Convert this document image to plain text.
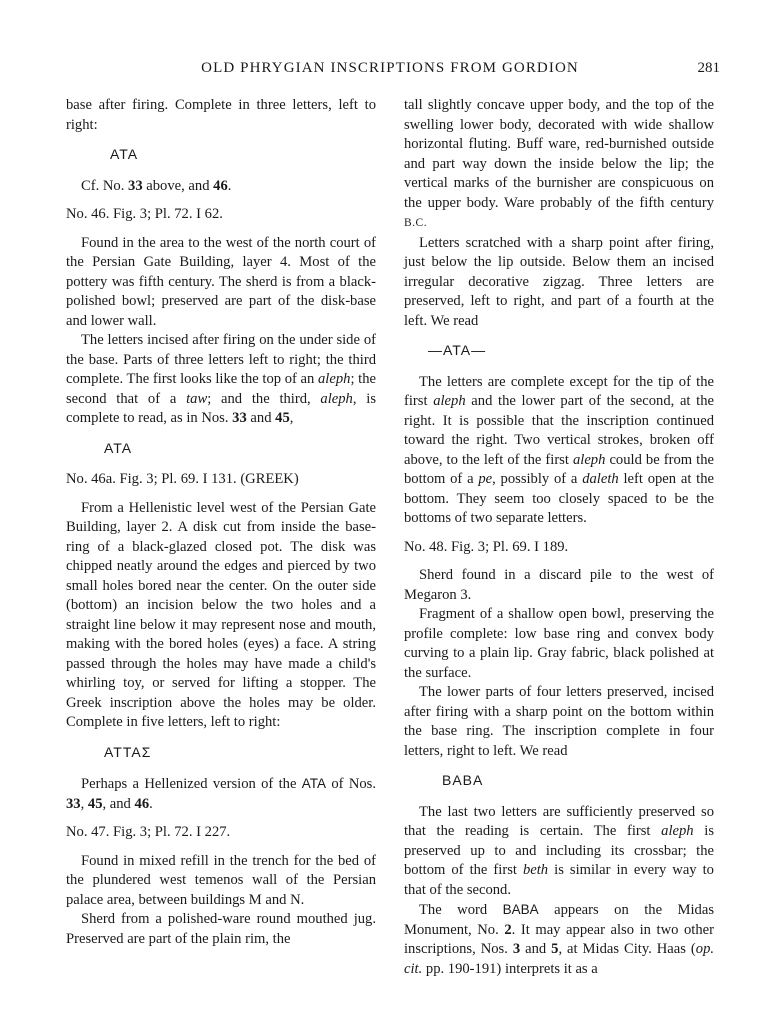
OLD PHRYGIAN INSCRIPTIONS FROM GORDION	281

base after firing. Complete in three letters, left to right:

ATA

Cf. No. 33 above, and 46.

No. 46. Fig. 3; Pl. 72. I 62.

Found in the area to the west of the north court of the Persian Gate Building, layer 4. Most of the pottery was fifth century. The sherd is from a black-polished bowl; preserved are part of the disk-base and lower wall.

The letters incised after firing on the under side of the base. Parts of three letters left to right; the third complete. The first looks like the top of an aleph; the second that of a taw; and the third, aleph, is complete to read, as in Nos. 33 and 45,

ATA

No. 46a. Fig. 3; Pl. 69. I 131. (GREEK)

From a Hellenistic level west of the Persian Gate Building, layer 2. A disk cut from inside the base-ring of a black-glazed closed pot. The disk was chipped neatly around the edges and pierced by two small holes bored near the center. On the outer side (bottom) an incision below the two holes and a straight line below it may represent nose and mouth, making with the bored holes (eyes) a face. A string passed through the holes may have made a child's whirling toy, or served for lifting a stopper. The Greek inscription above the holes may be older. Complete in five letters, left to right:

ATTAΣ

Perhaps a Hellenized version of the ATA of Nos. 33, 45, and 46.

No. 47. Fig. 3; Pl. 72. I 227.

Found in mixed refill in the trench for the bed of the plundered west temenos wall of the Persian palace area, between buildings M and N.

Sherd from a polished-ware round mouthed jug. Preserved are part of the plain rim, the

tall slightly concave upper body, and the top of the swelling lower body, decorated with wide shallow horizontal fluting. Buff ware, red-burnished outside and part way down the inside below the lip; the vertical marks of the burnisher are conspicuous on the upper body. Ware probably of the fifth century B.C.

Letters scratched with a sharp point after firing, just below the lip outside. Below them an incised irregular decorative zigzag. Three letters are preserved, left to right, and part of a fourth at the left. We read

—ATA—

The letters are complete except for the tip of the first aleph and the lower part of the second, at the right. It is possible that the inscription continued toward the right. Two vertical strokes, broken off above, to the left of the first aleph could be from the bottom of a pe, possibly of a daleth left open at the bottom. They seem too closely spaced to be the bottoms of two separate letters.

No. 48. Fig. 3; Pl. 69. I 189.

Sherd found in a discard pile to the west of Megaron 3.

Fragment of a shallow open bowl, preserving the profile complete: low base ring and convex body curving to a plain lip. Gray fabric, black polished at the surface.

The lower parts of four letters preserved, incised after firing with a sharp point on the bottom within the base ring. The inscription complete in four letters, right to left. We read

BABA

The last two letters are sufficiently preserved so that the reading is certain. The first aleph is preserved up to and including its crossbar; the bottom of the first beth is similar in every way to that of the second.

The word BABA appears on the Midas Monument, No. 2. It may appear also in two other inscriptions, Nos. 3 and 5, at Midas City. Haas (op. cit. pp. 190-191) interprets it as a
